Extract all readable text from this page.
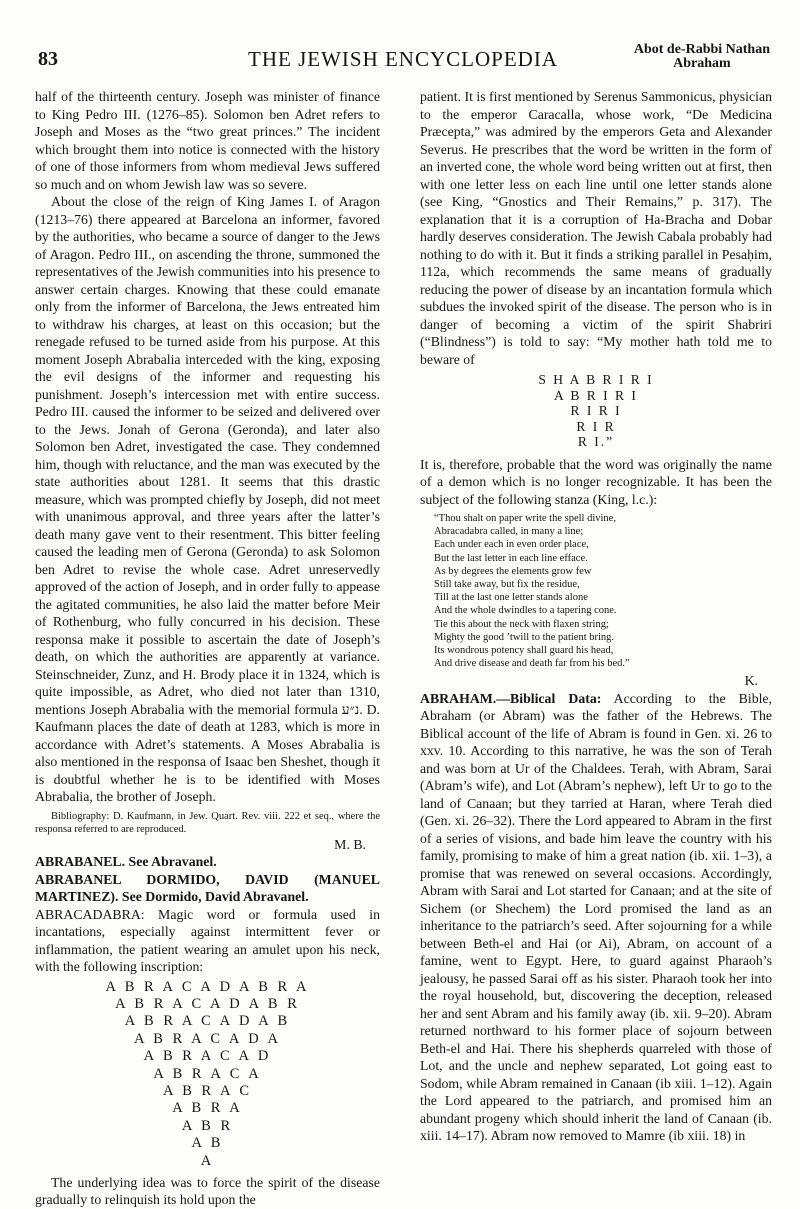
83	THE JEWISH ENCYCLOPEDIA	Abot de-Rabbi Nathan
Abraham

half of the thirteenth century. Joseph was minister of finance to King Pedro III. (1276–85). Solomon ben Adret refers to Joseph and Moses as the “two great princes.” The incident which brought them into notice is connected with the history of one of those informers from whom medieval Jews suffered so much and on whom Jewish law was so severe.

About the close of the reign of King James I. of Aragon (1213–76) there appeared at Barcelona an informer, favored by the authorities, who became a source of danger to the Jews of Aragon. Pedro III., on ascending the throne, summoned the representatives of the Jewish communities into his presence to answer certain charges. Knowing that these could emanate only from the informer of Barcelona, the Jews entreated him to withdraw his charges, at least on this occasion; but the renegade refused to be turned aside from his purpose. At this moment Joseph Abrabalia interceded with the king, exposing the evil designs of the informer and requesting his punishment. Joseph’s intercession met with entire success. Pedro III. caused the informer to be seized and delivered over to the Jews. Jonah of Gerona (Geronda), and later also Solomon ben Adret, investigated the case. They condemned him, though with reluctance, and the man was executed by the state authorities about 1281. It seems that this drastic measure, which was prompted chiefly by Joseph, did not meet with unanimous approval, and three years after the latter’s death many gave vent to their resentment. This bitter feeling caused the leading men of Gerona (Geronda) to ask Solomon ben Adret to revise the whole case. Adret unreservedly approved of the action of Joseph, and in order fully to appease the agitated communities, he also laid the matter before Meir of Rothenburg, who fully concurred in his decision. These responsa make it possible to ascertain the date of Joseph’s death, on which the authorities are apparently at variance. Steinschneider, Zunz, and H. Brody place it in 1324, which is quite impossible, as Adret, who died not later than 1310, mentions Joseph Abrabalia with the memorial formula נ״ע. D. Kaufmann places the date of death at 1283, which is more in accordance with Adret’s statements. A Moses Abrabalia is also mentioned in the responsa of Isaac ben Sheshet, though it is doubtful whether he is to be identified with Moses Abrabalia, the brother of Joseph.

Bibliography: D. Kaufmann, in Jew. Quart. Rev. viii. 222 et seq., where the responsa referred to are reproduced.

M. B.

ABRABANEL. See Abravanel.

ABRABANEL DORMIDO, DAVID (MANUEL MARTINEZ). See Dormido, David Abravanel.

ABRACADABRA: Magic word or formula used in incantations, especially against intermittent fever or inflammation, the patient wearing an amulet upon his neck, with the following inscription:

A B R A C A D A B R A
A B R A C A D A B R
A B R A C A D A B
A B R A C A D A
A B R A C A D
A B R A C A
A B R A C
A B R A
A B R
A B
A

The underlying idea was to force the spirit of the disease gradually to relinquish its hold upon the

patient. It is first mentioned by Serenus Sammonicus, physician to the emperor Caracalla, whose work, “De Medicina Præcepta,” was admired by the emperors Geta and Alexander Severus. He prescribes that the word be written in the form of an inverted cone, the whole word being written out at first, then with one letter less on each line until one letter stands alone (see King, “Gnostics and Their Remains,” p. 317). The explanation that it is a corruption of Ha-Bracha and Dobar hardly deserves consideration. The Jewish Cabala probably had nothing to do with it. But it finds a striking parallel in Pesaḥim, 112a, which recommends the same means of gradually reducing the power of disease by an incantation formula which subdues the invoked spirit of the disease. The person who is in danger of becoming a victim of the spirit Shabriri (“Blindness”) is told to say: “My mother hath told me to beware of

S H A B R I R I
A B R I R I
R I R I
R I R
R I.”

It is, therefore, probable that the word was originally the name of a demon which is no longer recognizable. It has been the subject of the following stanza (King, l.c.):

“Thou shalt on paper write the spell divine,
Abracadabra called, in many a line;
Each under each in even order place,
But the last letter in each line efface.
As by degrees the elements grow few
Still take away, but fix the residue,
Till at the last one letter stands alone
And the whole dwindles to a tapering cone.
Tie this about the neck with flaxen string;
Mighty the good ’twill to the patient bring.
Its wondrous potency shall guard his head,
And drive disease and death far from his bed.”

K.

ABRAHAM.—Biblical Data: According to the Bible, Abraham (or Abram) was the father of the Hebrews. The Biblical account of the life of Abram is found in Gen. xi. 26 to xxv. 10. According to this narrative, he was the son of Terah and was born at Ur of the Chaldees. Terah, with Abram, Sarai (Abram’s wife), and Lot (Abram’s nephew), left Ur to go to the land of Canaan; but they tarried at Haran, where Terah died (Gen. xi. 26–32). There the Lord appeared to Abram in the first of a series of visions, and bade him leave the country with his family, promising to make of him a great nation (ib. xii. 1–3), a promise that was renewed on several occasions. Accordingly, Abram with Sarai and Lot started for Canaan; and at the site of Sichem (or Shechem) the Lord promised the land as an inheritance to the patriarch’s seed. After sojourning for a while between Beth-el and Hai (or Ai), Abram, on account of a famine, went to Egypt. Here, to guard against Pharaoh’s jealousy, he passed Sarai off as his sister. Pharaoh took her into the royal household, but, discovering the deception, released her and sent Abram and his family away (ib. xii. 9–20). Abram returned northward to his former place of sojourn between Beth-el and Hai. There his shepherds quarreled with those of Lot, and the uncle and nephew separated, Lot going east to Sodom, while Abram remained in Canaan (ib xiii. 1–12). Again the Lord appeared to the patriarch, and promised him an abundant progeny which should inherit the land of Canaan (ib. xiii. 14–17). Abram now removed to Mamre (ib xiii. 18) in
